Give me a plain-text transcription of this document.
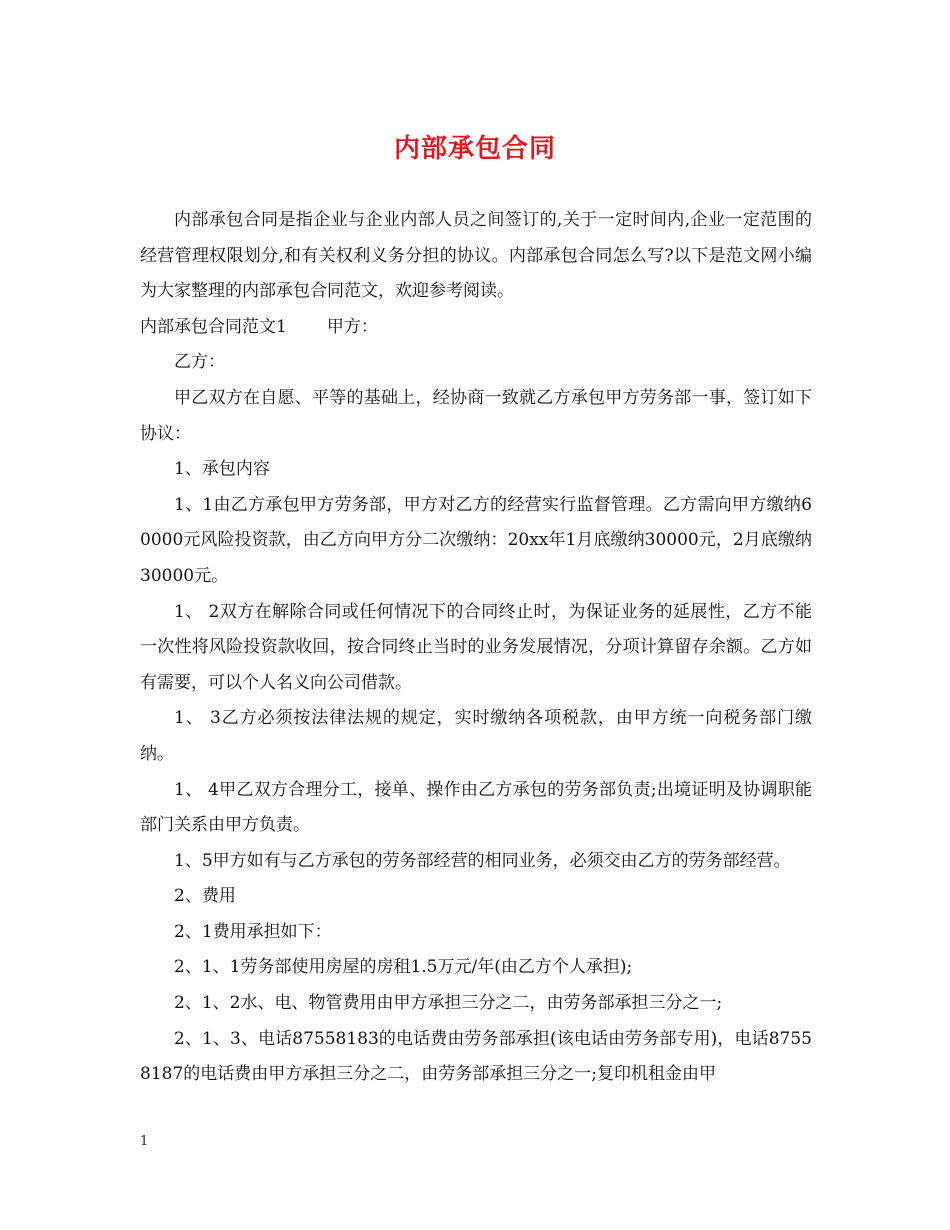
内部承包合同

内部承包合同是指企业与企业内部人员之间签订的,关于一定时间内,企业一定范围的经营管理权限划分,和有关权利义务分担的协议。内部承包合同怎么写?以下是范文网小编为大家整理的内部承包合同范文，欢迎参考阅读。

内部承包合同范文1 甲方：

乙方：

甲乙双方在自愿、平等的基础上，经协商一致就乙方承包甲方劳务部一事，签订如下协议：

1、承包内容

1、1由乙方承包甲方劳务部，甲方对乙方的经营实行监督管理。乙方需向甲方缴纳60000元风险投资款，由乙方向甲方分二次缴纳：20xx年1月底缴纳30000元，2月底缴纳30000元。

1、 2双方在解除合同或任何情况下的合同终止时，为保证业务的延展性，乙方不能一次性将风险投资款收回，按合同终止当时的业务发展情况，分项计算留存余额。乙方如有需要，可以个人名义向公司借款。

1、 3乙方必须按法律法规的规定，实时缴纳各项税款，由甲方统一向税务部门缴纳。

1、 4甲乙双方合理分工，接单、操作由乙方承包的劳务部负责;出境证明及协调职能部门关系由甲方负责。

1、5甲方如有与乙方承包的劳务部经营的相同业务，必须交由乙方的劳务部经营。

2、费用

2、1费用承担如下：

2、1、1劳务部使用房屋的房租1.5万元/年(由乙方个人承担);

2、1、2水、电、物管费用由甲方承担三分之二，由劳务部承担三分之一;

2、1、3、电话87558183的电话费由劳务部承担(该电话由劳务部专用)，电话87558187的电话费由甲方承担三分之二，由劳务部承担三分之一;复印机租金由甲

1
